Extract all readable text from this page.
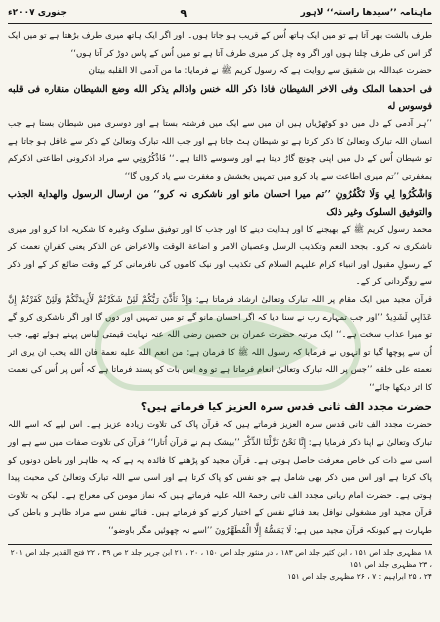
ماہنامہ ’’سیدھا راستہ‘‘ لاہور
۹
جنوری ۲۰۰۷ء

طرف بالشت بھر آتا ہے تو میں ایک ہاتھ اُس کے قریب ہو جاتا ہوں۔ اور اگر ایک ہاتھ میری طرف بڑھتا ہے تو میں ایک گز اس کی طرف چلتا ہوں اور اگر وہ چل کر میری طرف آتا ہے تو میں اُس کے پاس دوڑ کر آتا ہوں‘‘

حضرت عبداللہ بن شقیق سے روایت ہے کہ رسول کریم ﷺ نے فرمایا: ما من آدمی الا القلبه بیتان

فی احدهما الملک وفی الاخر الشیطان فاذا ذکر الله خنس واذالم یذکر الله وضع الشیطان منقاره فی قلبه فوسوس له

’’ہر آدمی کے دل میں دو کوٹھڑیاں ہیں ان میں سے ایک میں فرشتہ بستا ہے اور دوسری میں شیطان بستا ہے جب انسان اللہ تبارک وتعالیٰ کا ذکر کرتا ہے تو شیطان ہٹ جاتا ہے اور جب اللہ تبارک وتعالیٰ کے ذکر سے غافل ہو جاتا ہے تو شیطان اُس کے دل میں اپنی چونچ گاڑ دیتا ہے اور وسوسے ڈالتا ہے۔‘‘ فَاذْكُرُونِي سے مراد اذکرونی اطاعتی اذکرکم بمغفرتی ’’تم میری اطاعت سے یاد کرو میں تمہیں بخشش و مغفرت سے یاد کروں گا‘‘

وَاشْكُرُوا لِي وَلَا تَكْفُرُونِ ’’تم میرا احسان مانو اور ناشکری نہ کرو‘‘ من ارسال الرسول والهدایة الجذب والتوفیق السلوک وغیر ذلک

محمد رسول کریم ﷺ کے بھیجنے کا اور ہدایت دینے کا اور جذب کا اور توفیق سلوک وغیرہ کا شکریہ ادا کرو اور میری ناشکری نہ کرو۔ بجحد النعم وتکذیب الرسل وعصیان الامر و اضاعة الوقت والاعراض عن الذکر یعنی کفرانِ نعمت کر کے رسولِ مقبول اور انبیاء کرام علیہم السلام کی تکذیب اور نیک کاموں کی نافرمانی کر کے وقت ضائع کر کے اور ذکر سے روگردانی کر کے۔

قرآن مجید میں ایک مقام پر اللہ تبارک وتعالیٰ ارشاد فرماتا ہے: وَإِذْ تَأَذَّنَ رَبُّكُمْ لَئِنْ شَكَرْتُمْ لَأَزِيدَنَّكُمْ وَلَئِنْ كَفَرْتُمْ إِنَّ عَذَابِي لَشَدِيدٌ ’’اور جب تمہارے رب نے سنا دیا کہ اگر احسان مانو گے تو میں تمہیں اور دوں گا اور اگر ناشکری کرو گے تو میرا عذاب سخت ہے۔‘‘ ایک مرتبہ حضرت عمران بن حصین رضی اللہ عنہ نہایت قیمتی لباس پہنے ہوئے تھے، جب اُن سے پوچھا گیا تو انہوں نے فرمایا کہ رسول اللہ ﷺ کا فرمان ہے: من انعم الله علیه نعمة فان الله یحب ان یری اثر نعمته علی خلقه ’’جس پر اللہ تبارک وتعالیٰ انعام فرماتا ہے تو وہ اس بات کو پسند فرماتا ہے کہ اُس پر اُس کی نعمت کا اثر دیکھا جائے‘‘

حضرت مجدد الف ثانی قدس سرہ العزیز کیا فرماتے ہیں؟

حضرت مجدد الف ثانی قدس سرہ العزیز فرماتے ہیں کہ قرآن پاک کی تلاوت زیادہ عزیز ہے۔ اس لیے کہ اسے اللہ تبارک وتعالیٰ نے اپنا ذکر فرمایا ہے: إِنَّا نَحْنُ نَزَّلْنَا الذِّكْرَ ’’بیشک ہم نے قرآن اُتارا‘‘ قرآن کی تلاوت صفات میں سے ہے اور اسی سے ذات کی خاص معرفت حاصل ہوتی ہے۔ قرآن مجید کو پڑھنے کا فائدہ یہ ہے کہ یہ ظاہر اور باطن دونوں کو پاک کرتا ہے اور اس میں ذکر بھی شامل ہے جو نفس کو پاک کرتا ہے اور اسی سے اللہ تبارک وتعالیٰ کی محبت پیدا ہوتی ہے۔ حضرت امام ربانی مجدد الف ثانی رحمۃ اللہ علیہ فرماتے ہیں کہ نماز مومن کی معراج ہے۔ لیکن یہ تلاوت قرآن مجید اور مشغولی نوافل بعد فنائے نفس کے اختیار کرنے کو فرماتے ہیں۔ فنائے نفس سے مراد ظاہر و باطن کی طہارت ہے کیونکہ قرآن مجید میں ہے: لَا يَمَسُّهُ إِلَّا الْمُطَهَّرُونَ ’’اسے نہ چھوئیں مگر باوضو‘‘

۱۸ مظہری جلد اص ۱۵۱ ، ابن کثیر جلد اص ۱۸۳ ، در منثور جلد اص ۱۵۰ ، ۲۰ ، ۲۱ ابن جریر جلد ۲ ص ۳۹ ، ۲۲ فتح القدیر جلد اص ۲۰۱ ، ۲۳ مظہری جلد اص ۱۵۱
۲۴ ، ۲۵ ابراہیم : ۷ ، ۲۶ مظہری جلد اص ۱۵۱
